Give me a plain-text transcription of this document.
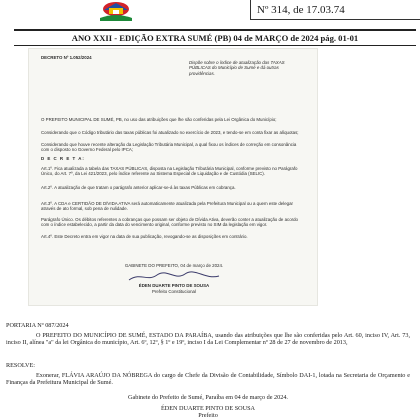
Nº 314, de 17.03.74
ANO XXII - EDIÇÃO EXTRA SUMÉ (PB) 04 de MARÇO de 2024 pág. 01-01
DECRETO Nº 1.052/2024
Dispõe sobre o índice de atualização das TAXAS PÚBLICAS do Município de Sumé e dá outras providências.
O PREFEITO MUNICIPAL DE SUMÉ, PB, no uso das atribuições que lhe são conferidas pela Lei Orgânica do Município;
Considerando que o Código tributário das taxas públicas foi atualizado no exercício de 2023, e tendo-se em conta fixar as alíquotas;
Considerando que houve recente alteração da Legislação Tributária Municipal, a qual fixou os índices de correção em consonância com o disposto no Governo Federal pelo IPCA;
D E C R E T A:
Art.1º. Fica atualizada a tabela das TAXAS PÚBLICAS, disposta na Legislação Tributária Municipal, conforme previsto no Parágrafo Único, do Art. 7º, da Lei 421/2023, pelo índice referente ao Sistema Especial de Liquidação e de Custódia (SELIC).
Art.2º. A atualização de que tratam o parágrafo anterior aplicar-se-á às taxas Públicas em cobrança.
Art.3º. A CDA e CERTIDÃO DE DÍVIDA ATIVA será automaticamente atualizada pela Prefeitura Municipal ou a quem este delegar através de ato formal, sob pena de nulidade.
Parágrafo Único. Os débitos referentes a cobranças que possam ser objeto de Dívida Ativa, deverão conter a atualização de acordo com o índice estabelecido, a partir da data do vencimento original, conforme previsto no SIM da legislação em vigor.
Art.4º. Este Decreto entra em vigor na data de sua publicação, revogando-se as disposições em contrário.
GABINETE DO PREFEITO, 04 de março de 2024.
ÉDEN DUARTE PINTO DE SOUSA
Prefeito Constitucional
PORTARIA Nº 087/2024
O PREFEITO DO MUNICÍPIO DE SUMÉ, ESTADO DA PARAÍBA, usando das atribuições que lhe são conferidas pelo Art. 60, inciso IV, Art. 73, inciso II, alínea "a" da lei Orgânica do município, Art. 6º, 12º, § 1º e 19º, inciso I da Lei Complementar nº 28 de 27 de novembro de 2013,
RESOLVE:
Exonerar, FLÁVIA ARAÚJO DA NÓBREGA do cargo de Chefe da Divisão de Contabilidade, Símbolo DAI-1, lotada na Secretaria de Orçamento e Finanças da Prefeitura Municipal de Sumé.
Gabinete do Prefeito de Sumé, Paraíba em 04 de março de 2024.
ÉDEN DUARTE PINTO DE SOUSA
Prefeito
